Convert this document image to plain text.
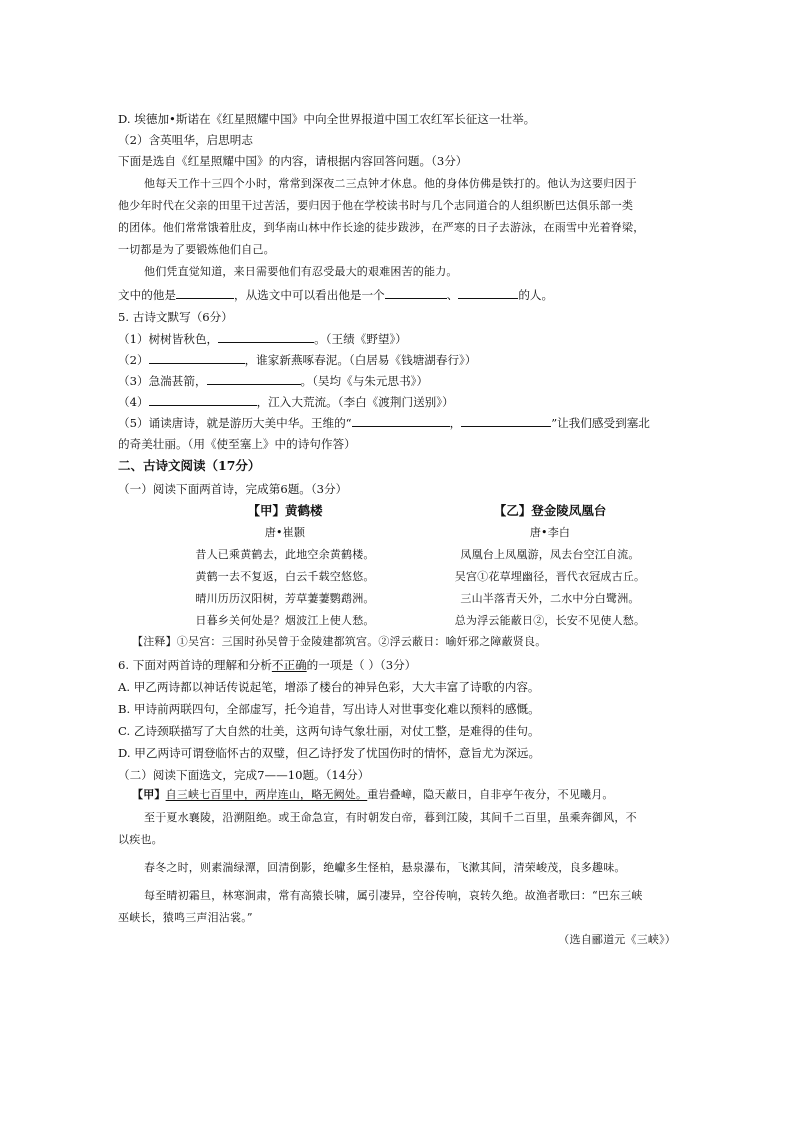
D. 埃德加•斯诺在《红星照耀中国》中向全世界报道中国工农红军长征这一壮举。
（2）含英咀华，启思明志
下面是选自《红星照耀中国》的内容，请根据内容回答问题。（3分）
他每天工作十三四个小时，常常到深夜二三点钟才休息。他的身体仿佛是铁打的。他认为这要归因于
他少年时代在父亲的田里干过苦活，要归因于他在学校读书时与几个志同道合的人组织断巴达俱乐部一类
的团体。他们常常饿着肚皮，到华南山林中作长途的徒步跋涉，在严寒的日子去游泳，在雨雪中光着脊梁，
一切都是为了要锻炼他们自己。
他们凭直觉知道，来日需要他们有忍受最大的艰难困苦的能力。
文中的他是	，从选文中可以看出他是一个	、	的人。
5. 古诗文默写（6分）
（1）树树皆秋色，	。（王绩《野望》）
（2）	，谁家新燕啄春泥。（白居易《钱塘湖春行》）
（3）急湍甚箭，	。（吴均《与朱元思书》）
（4）	，江入大荒流。（李白《渡荆门送别》）
（5）诵读唐诗，就是游历大美中华。王维的“	，	”让我们感受到塞北
的奇美壮丽。（用《使至塞上》中的诗句作答）
二、古诗文阅读（17分）
（一）阅读下面两首诗，完成第6题。（3分）
【甲】黄鹤楼
唐•崔颢
昔人已乘黄鹤去，此地空余黄鹤楼。
黄鹤一去不复返，白云千载空悠悠。
晴川历历汉阳树，芳草萋萋鹦鹉洲。
日暮乡关何处是？烟波江上使人愁。
【乙】登金陵凤凰台
唐•李白
凤凰台上凤凰游，凤去台空江自流。
吴宫①花草埋幽径，晋代衣冠成古丘。
三山半落青天外，二水中分白鹭洲。
总为浮云能蔽日②，长安不见使人愁。
【注释】①吴宫：三国时孙吴曾于金陵建都筑宫。②浮云蔽日：喻奸邪之障蔽贤良。
6. 下面对两首诗的理解和分析不正确的一项是（ ）（3分）
A. 甲乙两诗都以神话传说起笔，增添了楼台的神异色彩，大大丰富了诗歌的内容。
B. 甲诗前两联四句，全部虚写，托今追昔，写出诗人对世事变化难以预料的感慨。
C. 乙诗颈联描写了大自然的壮美，这两句诗气象壮丽，对仗工整，是难得的佳句。
D. 甲乙两诗可谓登临怀古的双璧，但乙诗抒发了忧国伤时的情怀，意旨尤为深远。
（二）阅读下面选文，完成7——10题。（14分）
【甲】自三峡七百里中，两岸连山，略无阙处。重岩叠嶂，隐天蔽日，自非亭午夜分，不见曦月。
至于夏水襄陵，沿溯阻绝。或王命急宣，有时朝发白帝，暮到江陵，其间千二百里，虽乘奔御风，不
以疾也。
春冬之时，则素湍绿潭，回清倒影，绝巘多生怪柏，悬泉瀑布，飞漱其间，清荣峻茂，良多趣味。
每至晴初霜旦，林寒涧肃，常有高猿长啸，属引凄异，空谷传响，哀转久绝。故渔者歌曰：“巴东三峡
巫峡长，猿鸣三声泪沾裳。”
（选自郦道元《三峡》）
